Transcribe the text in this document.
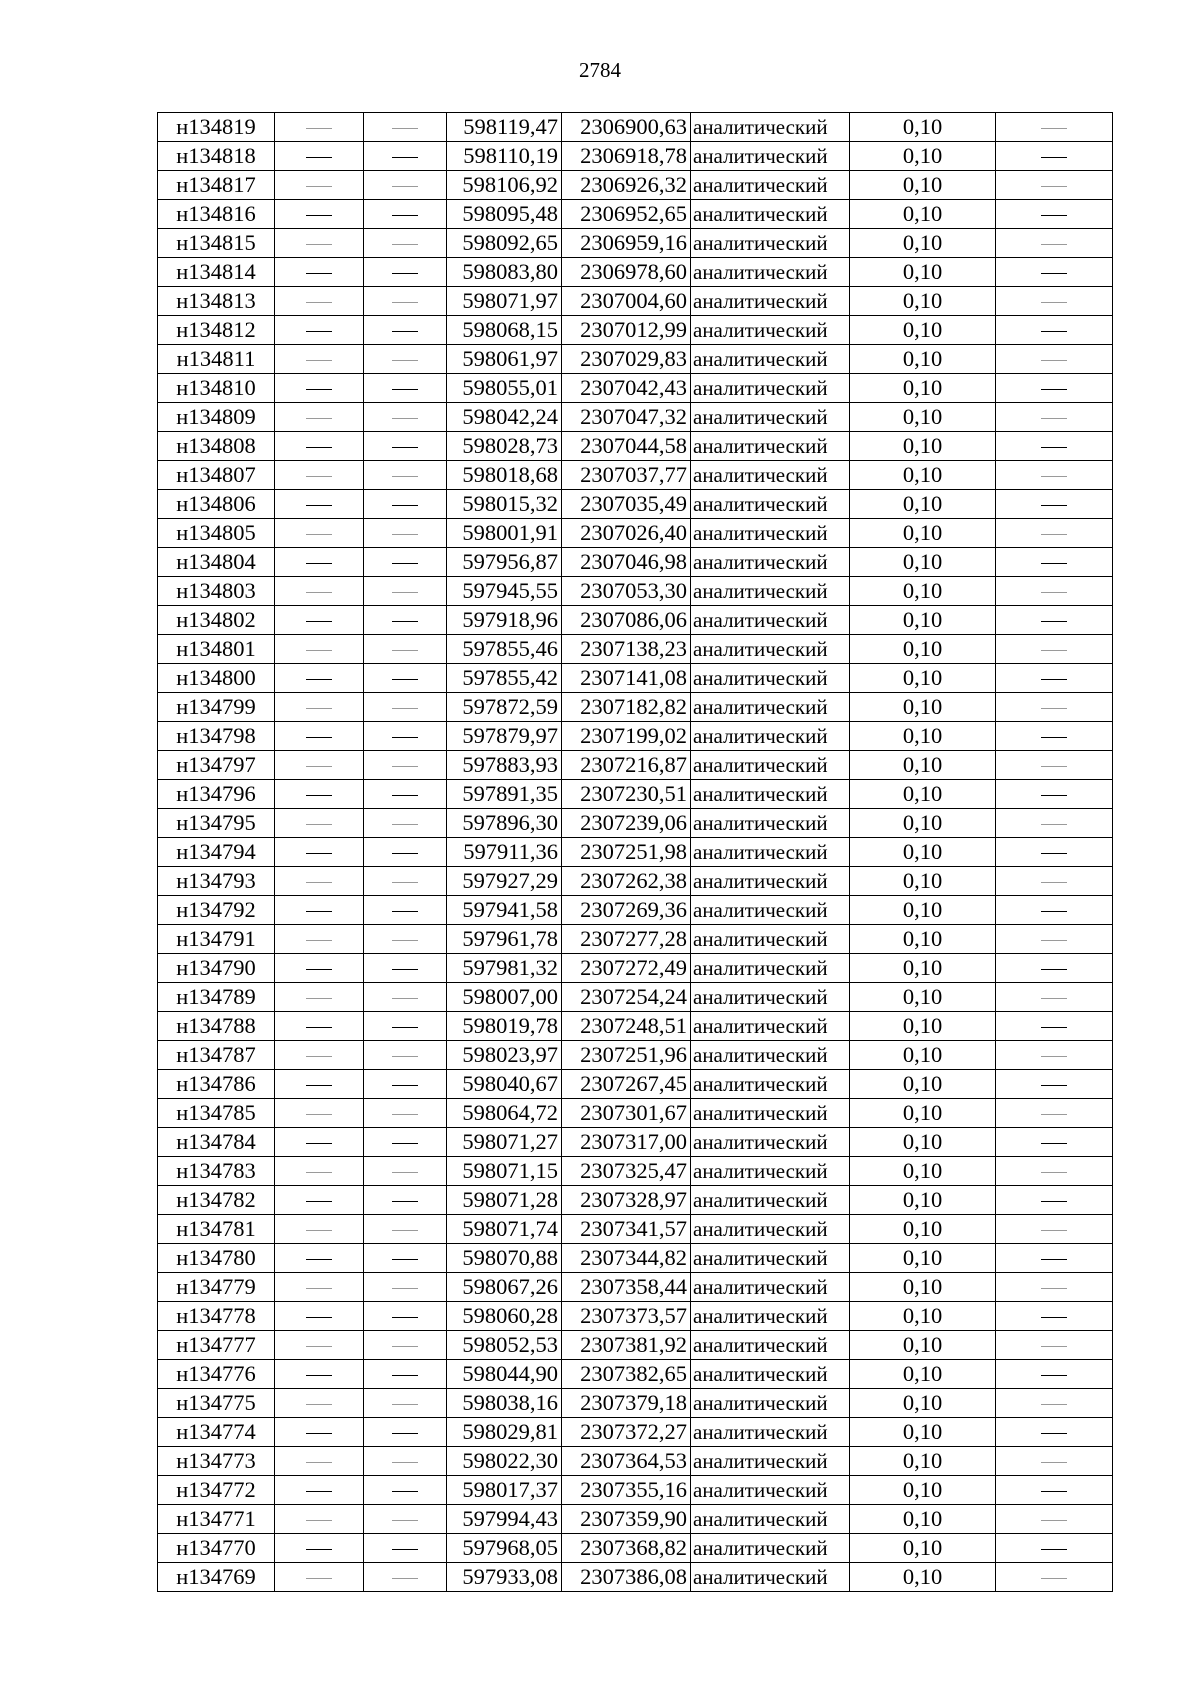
2784
н134819			598119,47	2306900,63	аналитический	0,10	
н134818			598110,19	2306918,78	аналитический	0,10	
н134817			598106,92	2306926,32	аналитический	0,10	
н134816			598095,48	2306952,65	аналитический	0,10	
н134815			598092,65	2306959,16	аналитический	0,10	
н134814			598083,80	2306978,60	аналитический	0,10	
н134813			598071,97	2307004,60	аналитический	0,10	
н134812			598068,15	2307012,99	аналитический	0,10	
н134811			598061,97	2307029,83	аналитический	0,10	
н134810			598055,01	2307042,43	аналитический	0,10	
н134809			598042,24	2307047,32	аналитический	0,10	
н134808			598028,73	2307044,58	аналитический	0,10	
н134807			598018,68	2307037,77	аналитический	0,10	
н134806			598015,32	2307035,49	аналитический	0,10	
н134805			598001,91	2307026,40	аналитический	0,10	
н134804			597956,87	2307046,98	аналитический	0,10	
н134803			597945,55	2307053,30	аналитический	0,10	
н134802			597918,96	2307086,06	аналитический	0,10	
н134801			597855,46	2307138,23	аналитический	0,10	
н134800			597855,42	2307141,08	аналитический	0,10	
н134799			597872,59	2307182,82	аналитический	0,10	
н134798			597879,97	2307199,02	аналитический	0,10	
н134797			597883,93	2307216,87	аналитический	0,10	
н134796			597891,35	2307230,51	аналитический	0,10	
н134795			597896,30	2307239,06	аналитический	0,10	
н134794			597911,36	2307251,98	аналитический	0,10	
н134793			597927,29	2307262,38	аналитический	0,10	
н134792			597941,58	2307269,36	аналитический	0,10	
н134791			597961,78	2307277,28	аналитический	0,10	
н134790			597981,32	2307272,49	аналитический	0,10	
н134789			598007,00	2307254,24	аналитический	0,10	
н134788			598019,78	2307248,51	аналитический	0,10	
н134787			598023,97	2307251,96	аналитический	0,10	
н134786			598040,67	2307267,45	аналитический	0,10	
н134785			598064,72	2307301,67	аналитический	0,10	
н134784			598071,27	2307317,00	аналитический	0,10	
н134783			598071,15	2307325,47	аналитический	0,10	
н134782			598071,28	2307328,97	аналитический	0,10	
н134781			598071,74	2307341,57	аналитический	0,10	
н134780			598070,88	2307344,82	аналитический	0,10	
н134779			598067,26	2307358,44	аналитический	0,10	
н134778			598060,28	2307373,57	аналитический	0,10	
н134777			598052,53	2307381,92	аналитический	0,10	
н134776			598044,90	2307382,65	аналитический	0,10	
н134775			598038,16	2307379,18	аналитический	0,10	
н134774			598029,81	2307372,27	аналитический	0,10	
н134773			598022,30	2307364,53	аналитический	0,10	
н134772			598017,37	2307355,16	аналитический	0,10	
н134771			597994,43	2307359,90	аналитический	0,10	
н134770			597968,05	2307368,82	аналитический	0,10	
н134769			597933,08	2307386,08	аналитический	0,10	
